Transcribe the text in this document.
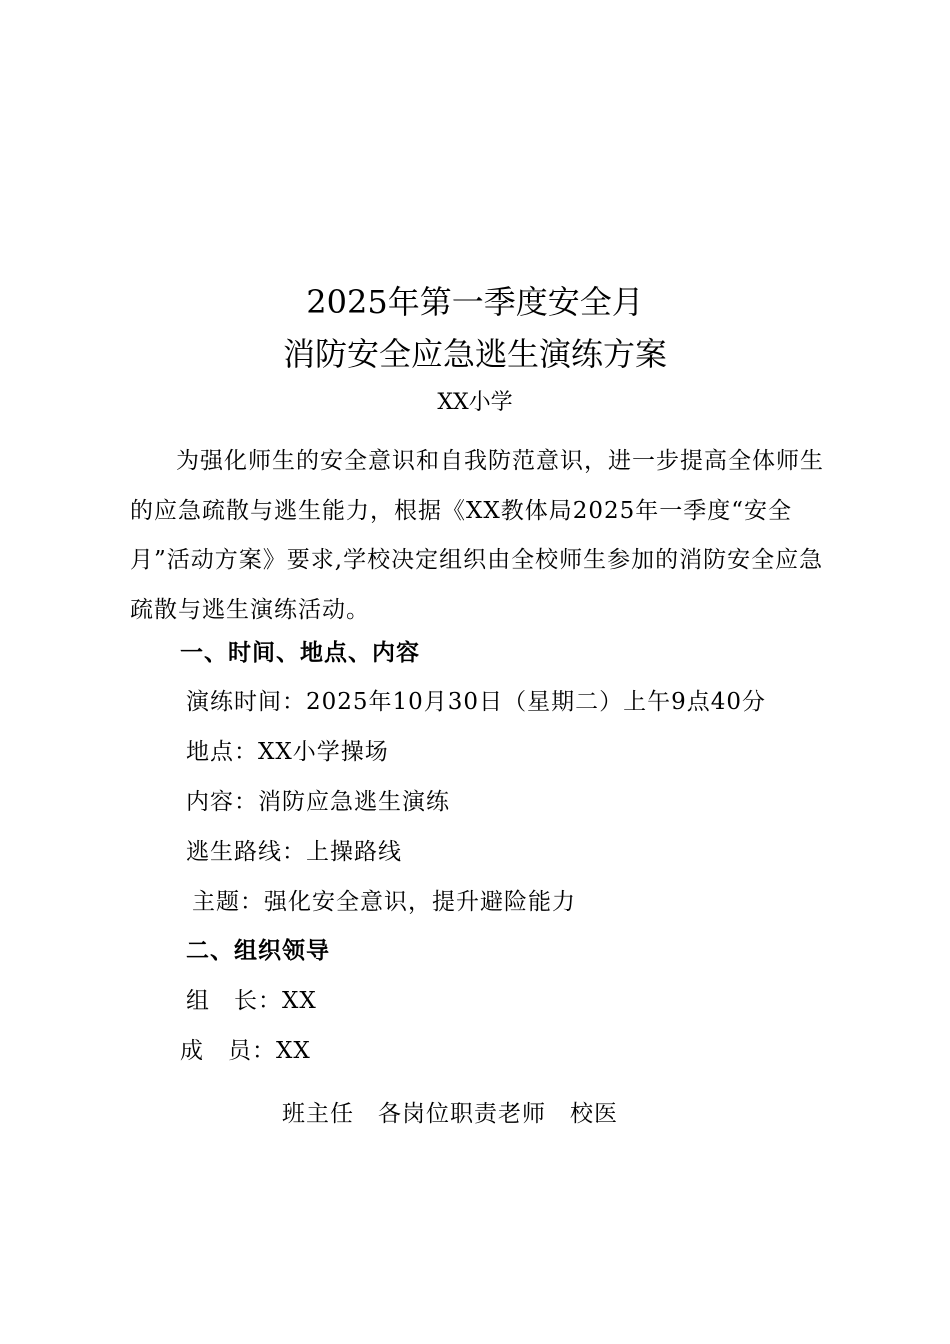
2025年第一季度安全月
消防安全应急逃生演练方案
XX小学

为强化师生的安全意识和自我防范意识，进一步提高全体师生的应急疏散与逃生能力，根据《XX教体局2025年一季度“安全月”活动方案》要求,学校决定组织由全校师生参加的消防安全应急疏散与逃生演练活动。

一、时间、地点、内容
演练时间：2025年10月30日（星期二）上午9点40分
地点：XX小学操场
内容：消防应急逃生演练
逃生路线：上操路线
主题：强化安全意识，提升避险能力
二、组织领导
组　长：XX
成　员：XX
班主任　各岗位职责老师　校医
